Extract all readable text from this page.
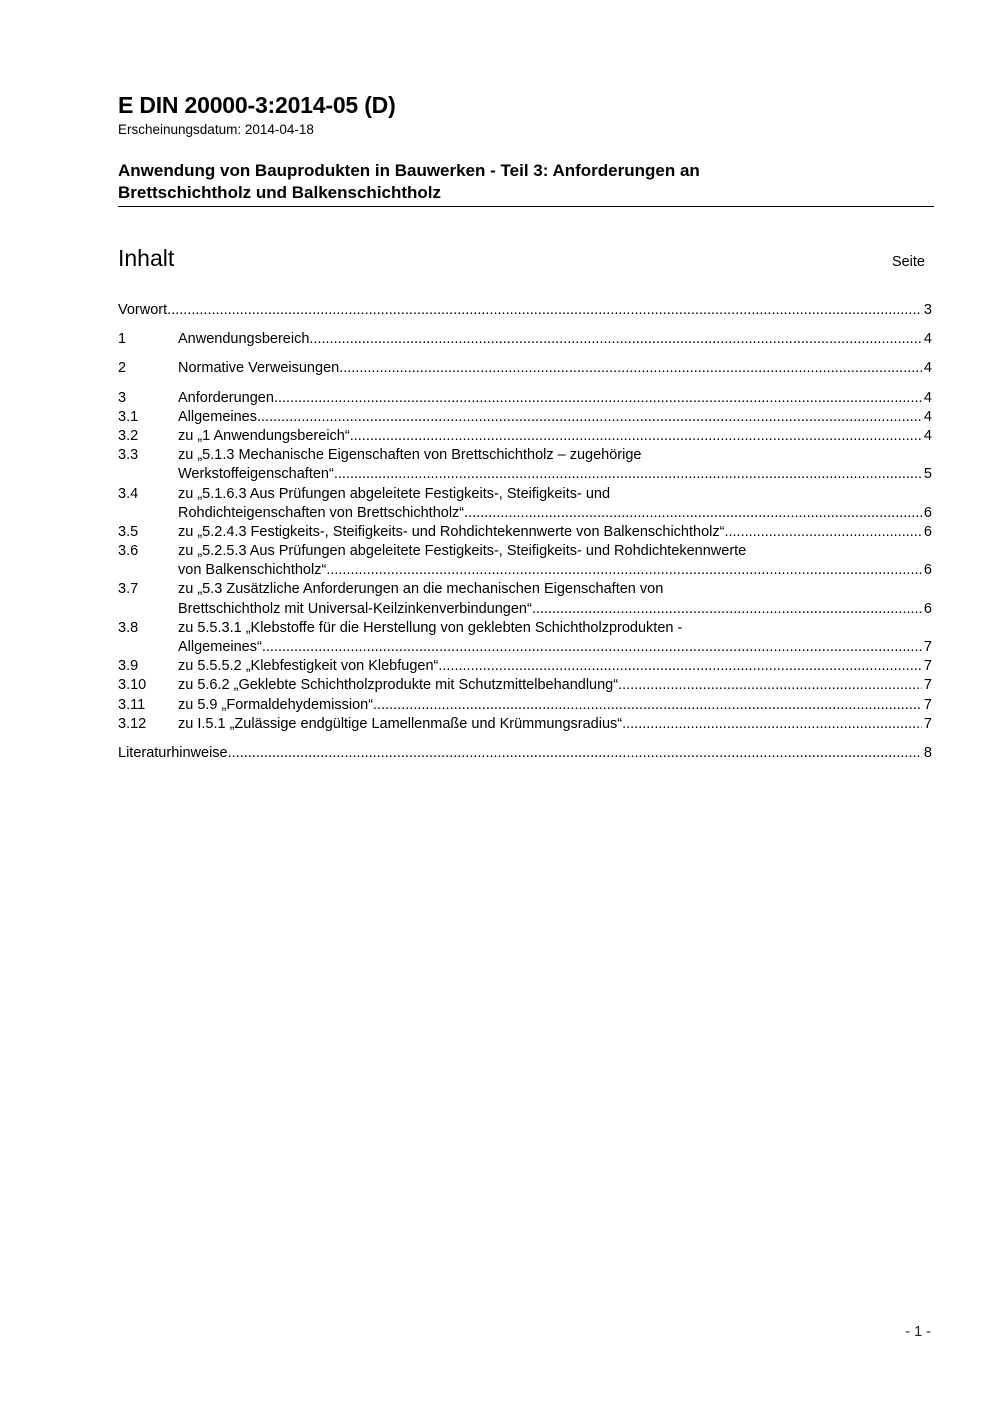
E DIN 20000-3:2014-05 (D)
Erscheinungsdatum: 2014-04-18
Anwendung von Bauprodukten in Bauwerken - Teil 3: Anforderungen an
Brettschichtholz und Balkenschichtholz
Inhalt	Seite
Vorwort .....	3
1	Anwendungsbereich .....	4
2	Normative Verweisungen .....	4
3	Anforderungen .....	4
3.1	Allgemeines .....	4
3.2	zu „1 Anwendungsbereich“ .....	4
3.3	zu „5.1.3 Mechanische Eigenschaften von Brettschichtholz – zugehörige
Werkstoffeigenschaften“ .....	5
3.4	zu „5.1.6.3 Aus Prüfungen abgeleitete Festigkeits-, Steifigkeits- und
Rohdichteigenschaften von Brettschichtholz“ .....	6
3.5	zu „5.2.4.3 Festigkeits-, Steifigkeits- und Rohdichtekennwerte von Balkenschichtholz“ .....	6
3.6	zu „5.2.5.3 Aus Prüfungen abgeleitete Festigkeits-, Steifigkeits- und Rohdichtekennwerte
von Balkenschichtholz“ .....	6
3.7	zu „5.3 Zusätzliche Anforderungen an die mechanischen Eigenschaften von
Brettschichtholz mit Universal-Keilzinkenverbindungen“ .....	6
3.8	zu 5.5.3.1 „Klebstoffe für die Herstellung von geklebten Schichtholzprodukten -
Allgemeines“ .....	7
3.9	zu 5.5.5.2 „Klebfestigkeit von Klebfugen“ .....	7
3.10	zu 5.6.2 „Geklebte Schichtholzprodukte mit Schutzmittelbehandlung“ .....	7
3.11	zu 5.9 „Formaldehydemission“ .....	7
3.12	zu I.5.1 „Zulässige endgültige Lamellenmaße und Krümmungsradius“ .....	7
Literaturhinweise .....	8
- 1 -
